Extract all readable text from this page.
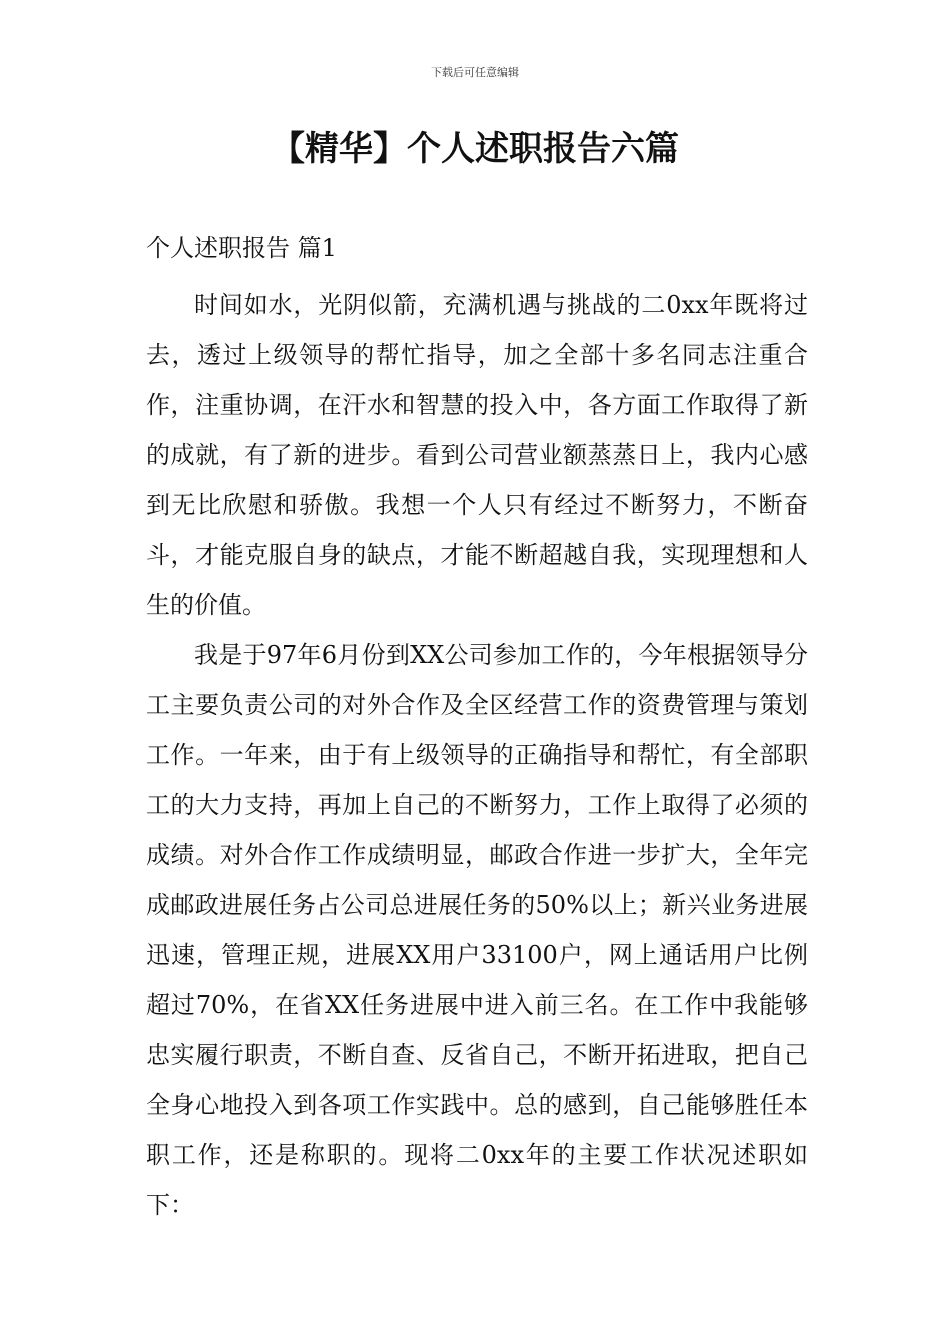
下载后可任意编辑
【精华】个人述职报告六篇
个人述职报告 篇1

时间如水，光阴似箭，充满机遇与挑战的二0xx年既将过去，透过上级领导的帮忙指导，加之全部十多名同志注重合作，注重协调，在汗水和智慧的投入中，各方面工作取得了新的成就，有了新的进步。看到公司营业额蒸蒸日上，我内心感到无比欣慰和骄傲。我想一个人只有经过不断努力，不断奋斗，才能克服自身的缺点，才能不断超越自我，实现理想和人生的价值。

我是于97年6月份到XX公司参加工作的，今年根据领导分工主要负责公司的对外合作及全区经营工作的资费管理与策划工作。一年来，由于有上级领导的正确指导和帮忙，有全部职工的大力支持，再加上自己的不断努力，工作上取得了必须的成绩。对外合作工作成绩明显，邮政合作进一步扩大，全年完成邮政进展任务占公司总进展任务的50%以上；新兴业务进展迅速，管理正规，进展XX用户33100户，网上通话用户比例超过70%，在省XX任务进展中进入前三名。在工作中我能够忠实履行职责，不断自查、反省自己，不断开拓进取，把自己全身心地投入到各项工作实践中。总的感到，自己能够胜任本职工作，还是称职的。现将二0xx年的主要工作状况述职如下：
